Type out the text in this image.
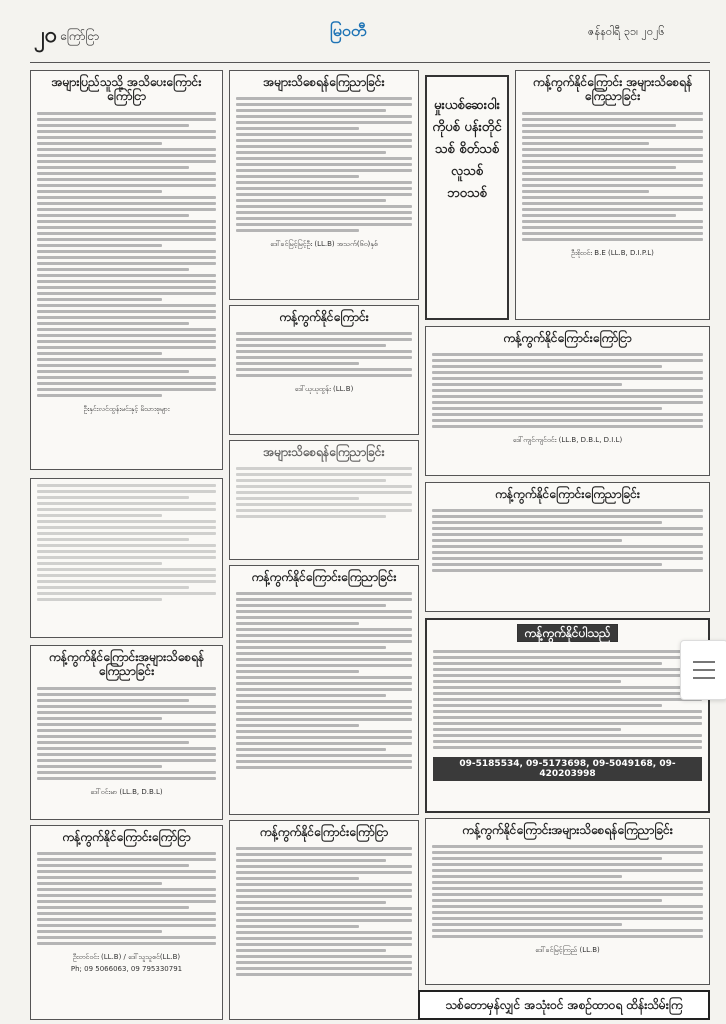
၂၀ ကြော်ငြာ	မြဝတီ	ဇန်နဝါရီ ၃၁၊ ၂၀၂၆
အများပြည်သူသို့ အသိပေးကြောင်းကြော်ငြာ
ဦးနှင်းလင်ထွန်းမင်းနှင့် မိသားစုများ
ကန့်ကွက်နိုင်ကြောင်းအများသိစေရန်ကြေညာခြင်း
ဒေါ်ဝင်းမာ (LL.B, D.B.L)
ကန့်ကွက်နိုင်ကြောင်းကြော်ငြာ
ဦးတင်ဝင်း (LL.B) / ဒေါ်သူသူစင်(LL.B)
Ph; 09 5066063, 09 795330791
အများသိစေရန်ကြေညာခြင်း
ဒေါ်ခင်မြင့်မြင့်ဦး (LL.B) အသက်(၆၀)နှစ်
ကန့်ကွက်နိုင်ကြောင်း
ဒေါ်ယုယုထွန်း (LL.B)
အများသိစေရန်ကြေညာခြင်း
ကန့်ကွက်နိုင်ကြောင်းကြေညာခြင်း
ကန့်ကွက်နိုင်ကြောင်းကြော်ငြာ
မှုးယစ်ဆေးဝါးကိုပစ် ပန်းတိုင်သစ် စိတ်သစ် လူသစ် ဘဝသစ်
ကန့်ကွက်နိုင်ကြောင်း အများသိစေရန်ကြေညာခြင်း
ဦးစိုးဝင်း B.E (LL.B, D.I.P.L)
ကန့်ကွက်နိုင်ကြောင်းကြော်ငြာ
ဒေါ်ကျင်ကျင်ဝင်း (LL.B, D.B.L, D.I.L)
ကန့်ကွက်နိုင်ကြောင်းကြေညာခြင်း
ကန့်ကွက်နိုင်ပါသည်
09-5185534, 09-5173698, 09-5049168, 09-420203998
ကန့်ကွက်နိုင်ကြောင်းအများသိစေရန်ကြေညာခြင်း
ဒေါ်ခင်မြင့်ကြည် (LL.B)
သစ်တောမှန်လျှင် အသုံးဝင် အစဉ်ထာဝရ ထိန်းသိမ်းကြ
